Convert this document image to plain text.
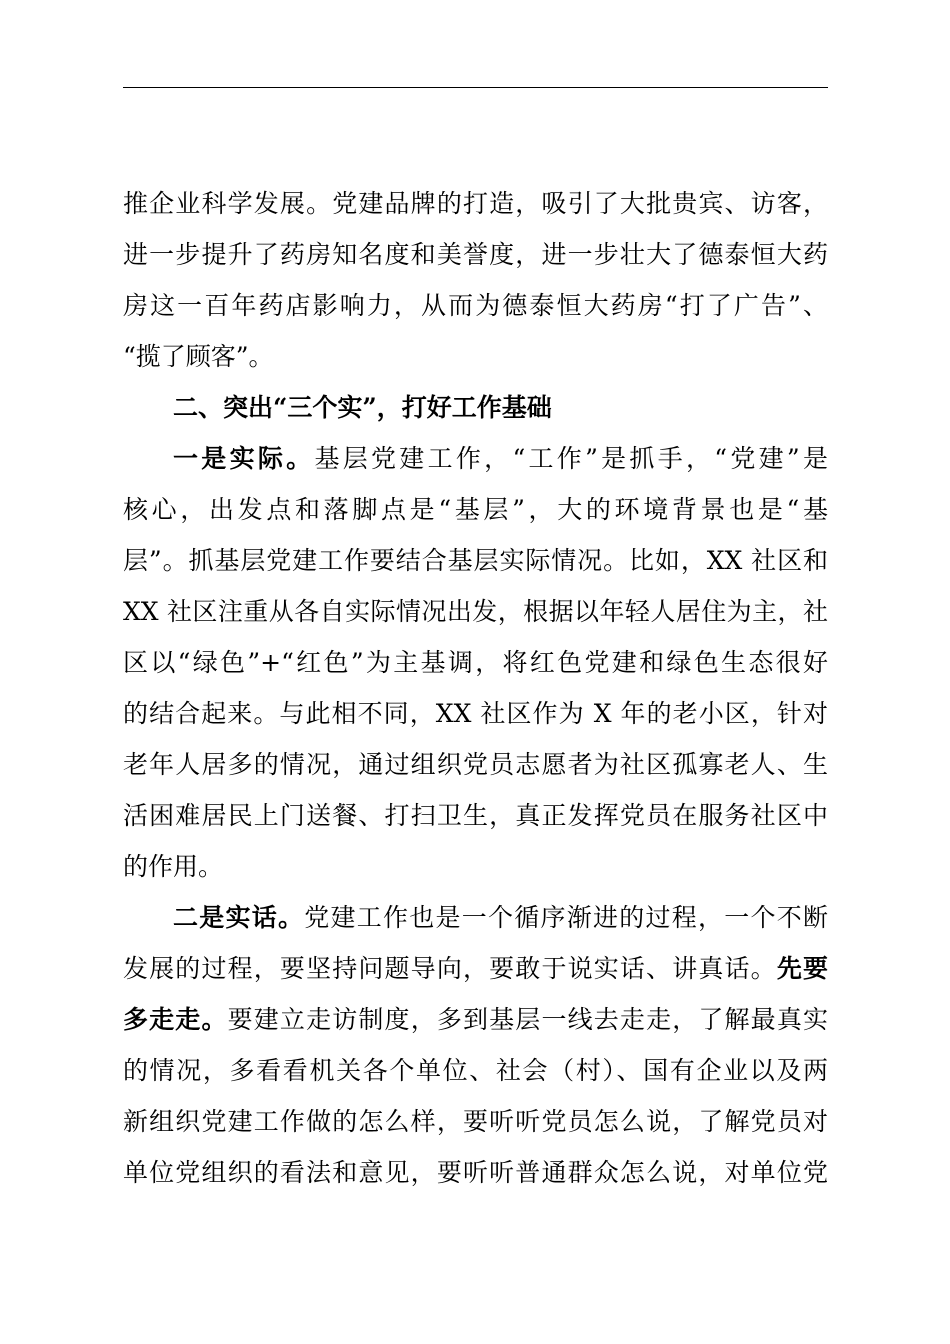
推企业科学发展。党建品牌的打造，吸引了大批贵宾、访客，
进一步提升了药房知名度和美誉度，进一步壮大了德泰恒大药
房这一百年药店影响力，从而为德泰恒大药房“打了广告”、
“揽了顾客”。
二、突出“三个实”，打好工作基础
一是实际。基层党建工作，“工作”是抓手，“党建”是
核心，出发点和落脚点是“基层”，大的环境背景也是“基
层”。抓基层党建工作要结合基层实际情况。比如，XX 社区和
XX 社区注重从各自实际情况出发，根据以年轻人居住为主，社
区以“绿色”+“红色”为主基调，将红色党建和绿色生态很好
的结合起来。与此相不同，XX 社区作为 X 年的老小区，针对
老年人居多的情况，通过组织党员志愿者为社区孤寡老人、生
活困难居民上门送餐、打扫卫生，真正发挥党员在服务社区中
的作用。
二是实话。党建工作也是一个循序渐进的过程，一个不断
发展的过程，要坚持问题导向，要敢于说实话、讲真话。先要
多走走。要建立走访制度，多到基层一线去走走，了解最真实
的情况，多看看机关各个单位、社会（村）、国有企业以及两
新组织党建工作做的怎么样，要听听党员怎么说，了解党员对
单位党组织的看法和意见，要听听普通群众怎么说，对单位党
